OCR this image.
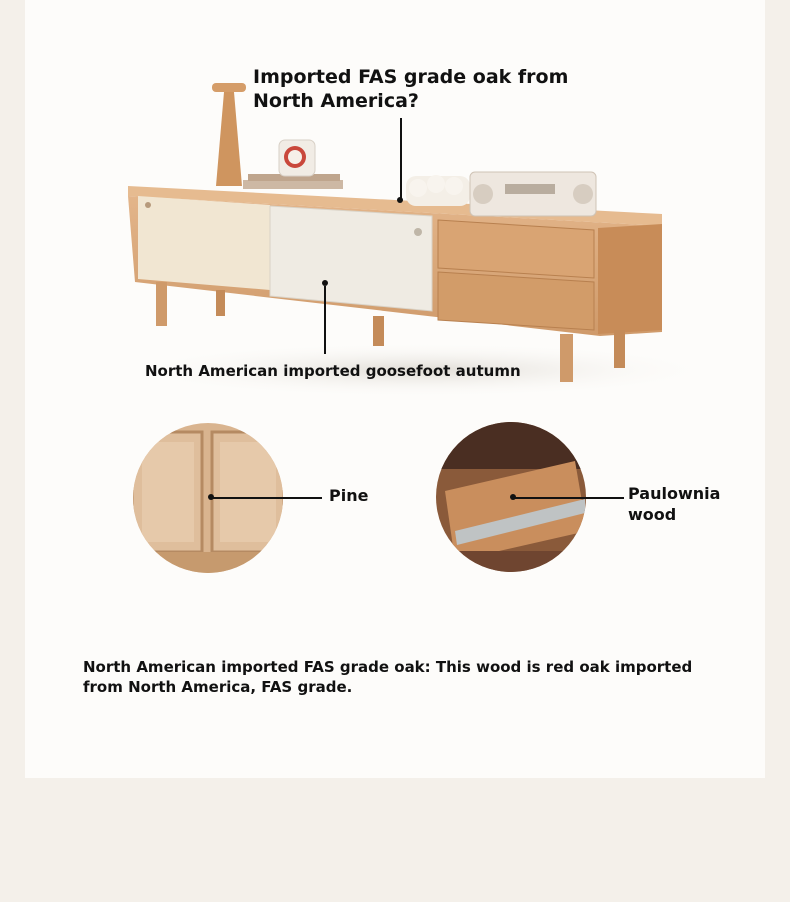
Imported FAS grade oak from North America?
North American imported goosefoot autumn
Pine	Paulownia wood
North American imported FAS grade oak: This wood is red oak imported from North America, FAS grade.
